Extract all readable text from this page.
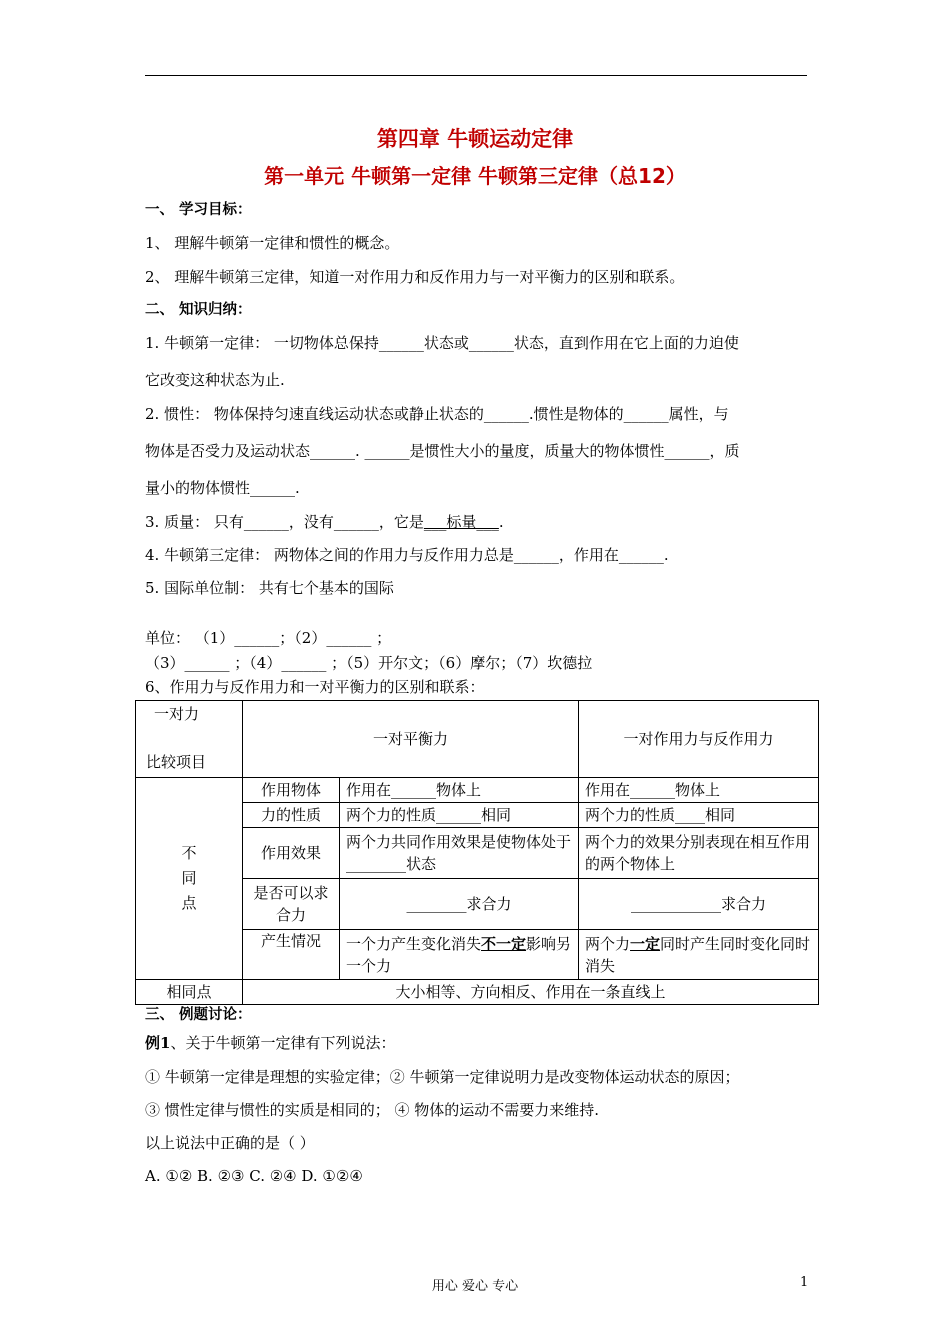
第四章 牛顿运动定律
第一单元 牛顿第一定律 牛顿第三定律（总12）
一、 学习目标：
1、 理解牛顿第一定律和惯性的概念。
2、 理解牛顿第三定律，知道一对作用力和反作用力与一对平衡力的区别和联系。
二、 知识归纳：
1. 牛顿第一定律： 一切物体总保持______状态或______状态，直到作用在它上面的力迫使
它改变这种状态为止.
2. 惯性： 物体保持匀速直线运动状态或静止状态的______.惯性是物体的______属性，与
物体是否受力及运动状态______. ______是惯性大小的量度，质量大的物体惯性______，质
量小的物体惯性______.
3. 质量： 只有______，没有______，它是___标量___.
4. 牛顿第三定律： 两物体之间的作用力与反作用力总是______，作用在______.
5. 国际单位制： 共有七个基本的国际
单位： （1）______；（2）______ ；
（3）______ ；（4）______ ；（5）开尔文；（6）摩尔；（7）坎德拉
6、作用力与反作用力和一对平衡力的区别和联系：
一对力
比较项目	一对平衡力		一对作用力与反作用力
不
同
点	作用物体	作用在______物体上	作用在______物体上
	力的性质	两个力的性质______相同	两个力的性质____相同
	作用效果	两个力共同作用效果是使物体处于________状态	两个力的效果分别表现在相互作用的两个物体上
	是否可以求合力	________求合力	____________求合力
	产生情况	一个力产生变化消失不一定影响另一个力	两个力一定同时产生同时变化同时消失
相同点	大小相等、方向相反、作用在一条直线上		
三、 例题讨论：
例1、关于牛顿第一定律有下列说法：
① 牛顿第一定律是理想的实验定律；② 牛顿第一定律说明力是改变物体运动状态的原因；
③ 惯性定律与惯性的实质是相同的； ④ 物体的运动不需要力来维持.
以上说法中正确的是（ ）
A. ①② B. ②③ C. ②④ D. ①②④
用心 爱心 专心	1
